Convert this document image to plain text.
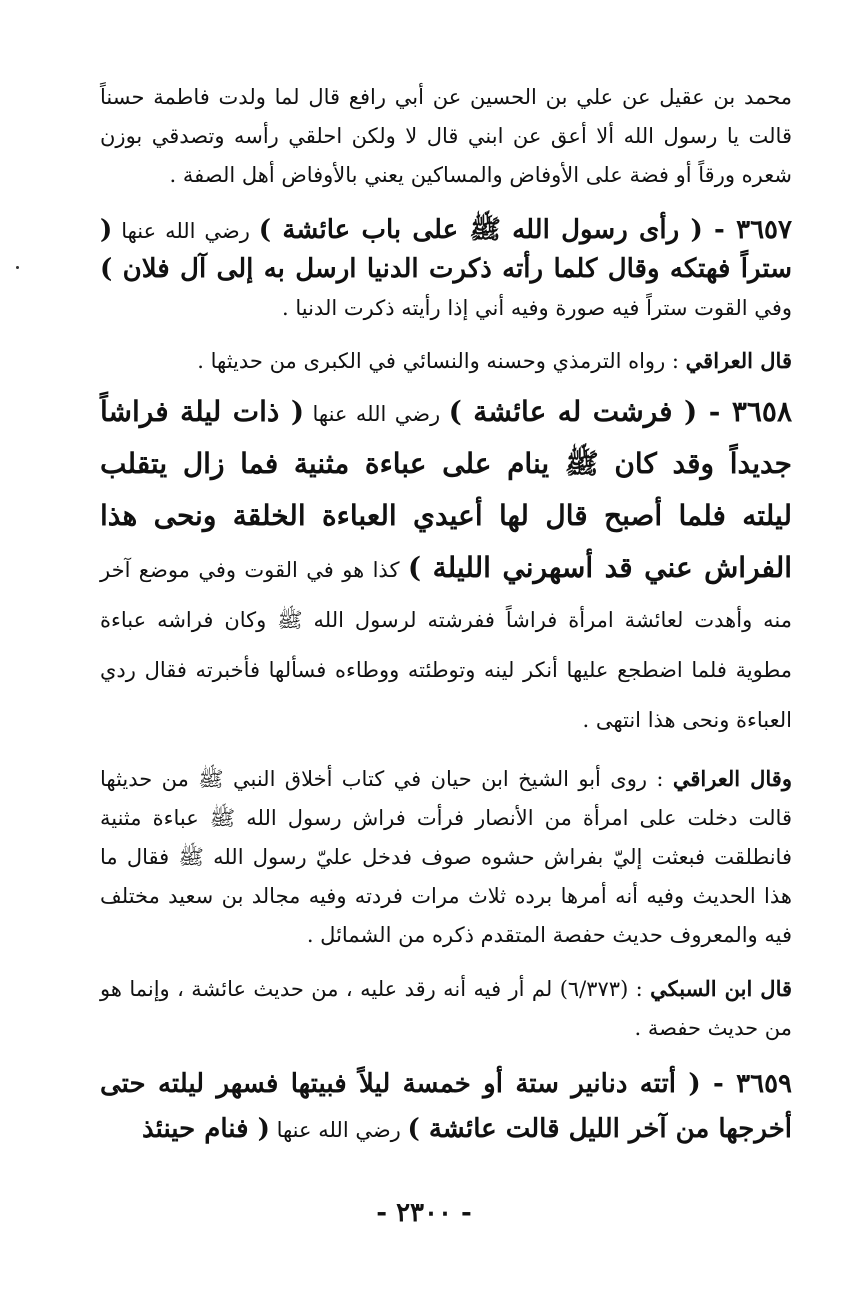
محمد بن عقيل عن علي بن الحسين عن أبي رافع قال لما ولدت فاطمة حسناً قالت يا رسول الله ألا أعق عن ابني قال لا ولكن احلقي رأسه وتصدقي بوزن شعره ورقاً أو فضة على الأوفاض والمساكين يعني بالأوفاض أهل الصفة .

٣٦٥٧ - ( رأى رسول الله ﷺ على باب عائشة ) رضي الله عنها ( ستراً فهتكه وقال كلما رأته ذكرت الدنيا ارسل به إلى آل فلان ) وفي القوت ستراً فيه صورة وفيه أني إذا رأيته ذكرت الدنيا .

قال العراقي : رواه الترمذي وحسنه والنسائي في الكبرى من حديثها .

٣٦٥٨ - ( فرشت له عائشة ) رضي الله عنها ( ذات ليلة فراشاً جديداً وقد كان ﷺ ينام على عباءة مثنية فما زال يتقلب ليلته فلما أصبح قال لها أعيدي العباءة الخلقة ونحى هذا الفراش عني قد أسهرني الليلة ) كذا هو في القوت وفي موضع آخر منه وأهدت لعائشة امرأة فراشاً ففرشته لرسول الله ﷺ وكان فراشه عباءة مطوية فلما اضطجع عليها أنكر لينه وتوطئته ووطاءه فسألها فأخبرته فقال ردي العباءة ونحى هذا انتهى .

وقال العراقي : روى أبو الشيخ ابن حيان في كتاب أخلاق النبي ﷺ من حديثها قالت دخلت على امرأة من الأنصار فرأت فراش رسول الله ﷺ عباءة مثنية فانطلقت فبعثت إليّ بفراش حشوه صوف فدخل عليّ رسول الله ﷺ فقال ما هذا الحديث وفيه أنه أمرها برده ثلاث مرات فردته وفيه مجالد بن سعيد مختلف فيه والمعروف حديث حفصة المتقدم ذكره من الشمائل .

قال ابن السبكي : (٦/٣٧٣) لم أر فيه أنه رقد عليه ، من حديث عائشة ، وإنما هو من حديث حفصة .

٣٦٥٩ - ( أتته دنانير ستة أو خمسة ليلاً فبيتها فسهر ليلته حتى أخرجها من آخر الليل قالت عائشة ) رضي الله عنها ( فنام حينئذ

- ٢٣٠٠ -
